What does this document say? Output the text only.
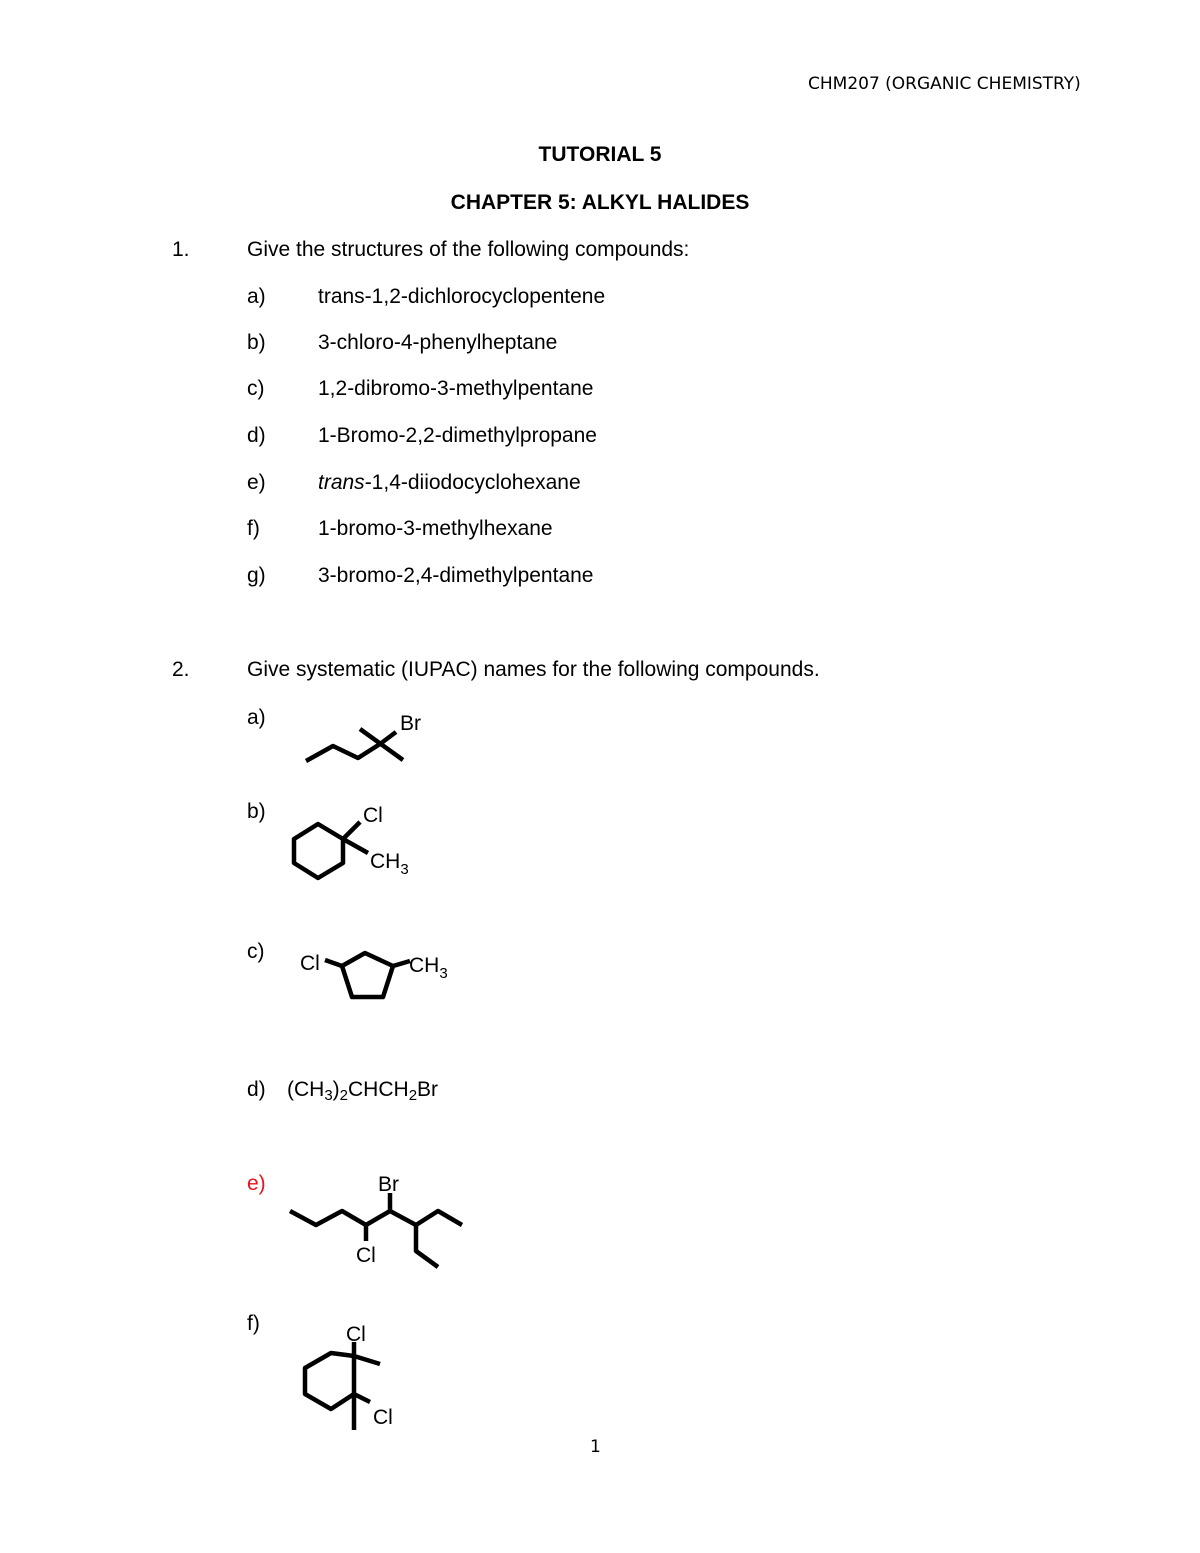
CHM207 (ORGANIC CHEMISTRY)
TUTORIAL 5
CHAPTER 5: ALKYL HALIDES
1.	Give the structures of the following compounds:
a) trans-1,2-dichlorocyclopentene
b) 3-chloro-4-phenylheptane
c)	1,2-dibromo-3-methylpentane
d) 1-Bromo-2,2-dimethylpropane
e) trans-1,4-diiodocyclohexane
f)	1-bromo-3-methylhexane
g) 3-bromo-2,4-dimethylpentane
2.	Give systematic (IUPAC) names for the following compounds.
a)	Br
b)	Cl
$CH_3$
c)
Cl	$CH_3$
d) $(CH_3)_2CHCH_2Br$
e)	Br
Cl
f)	Cl
Cl
1
